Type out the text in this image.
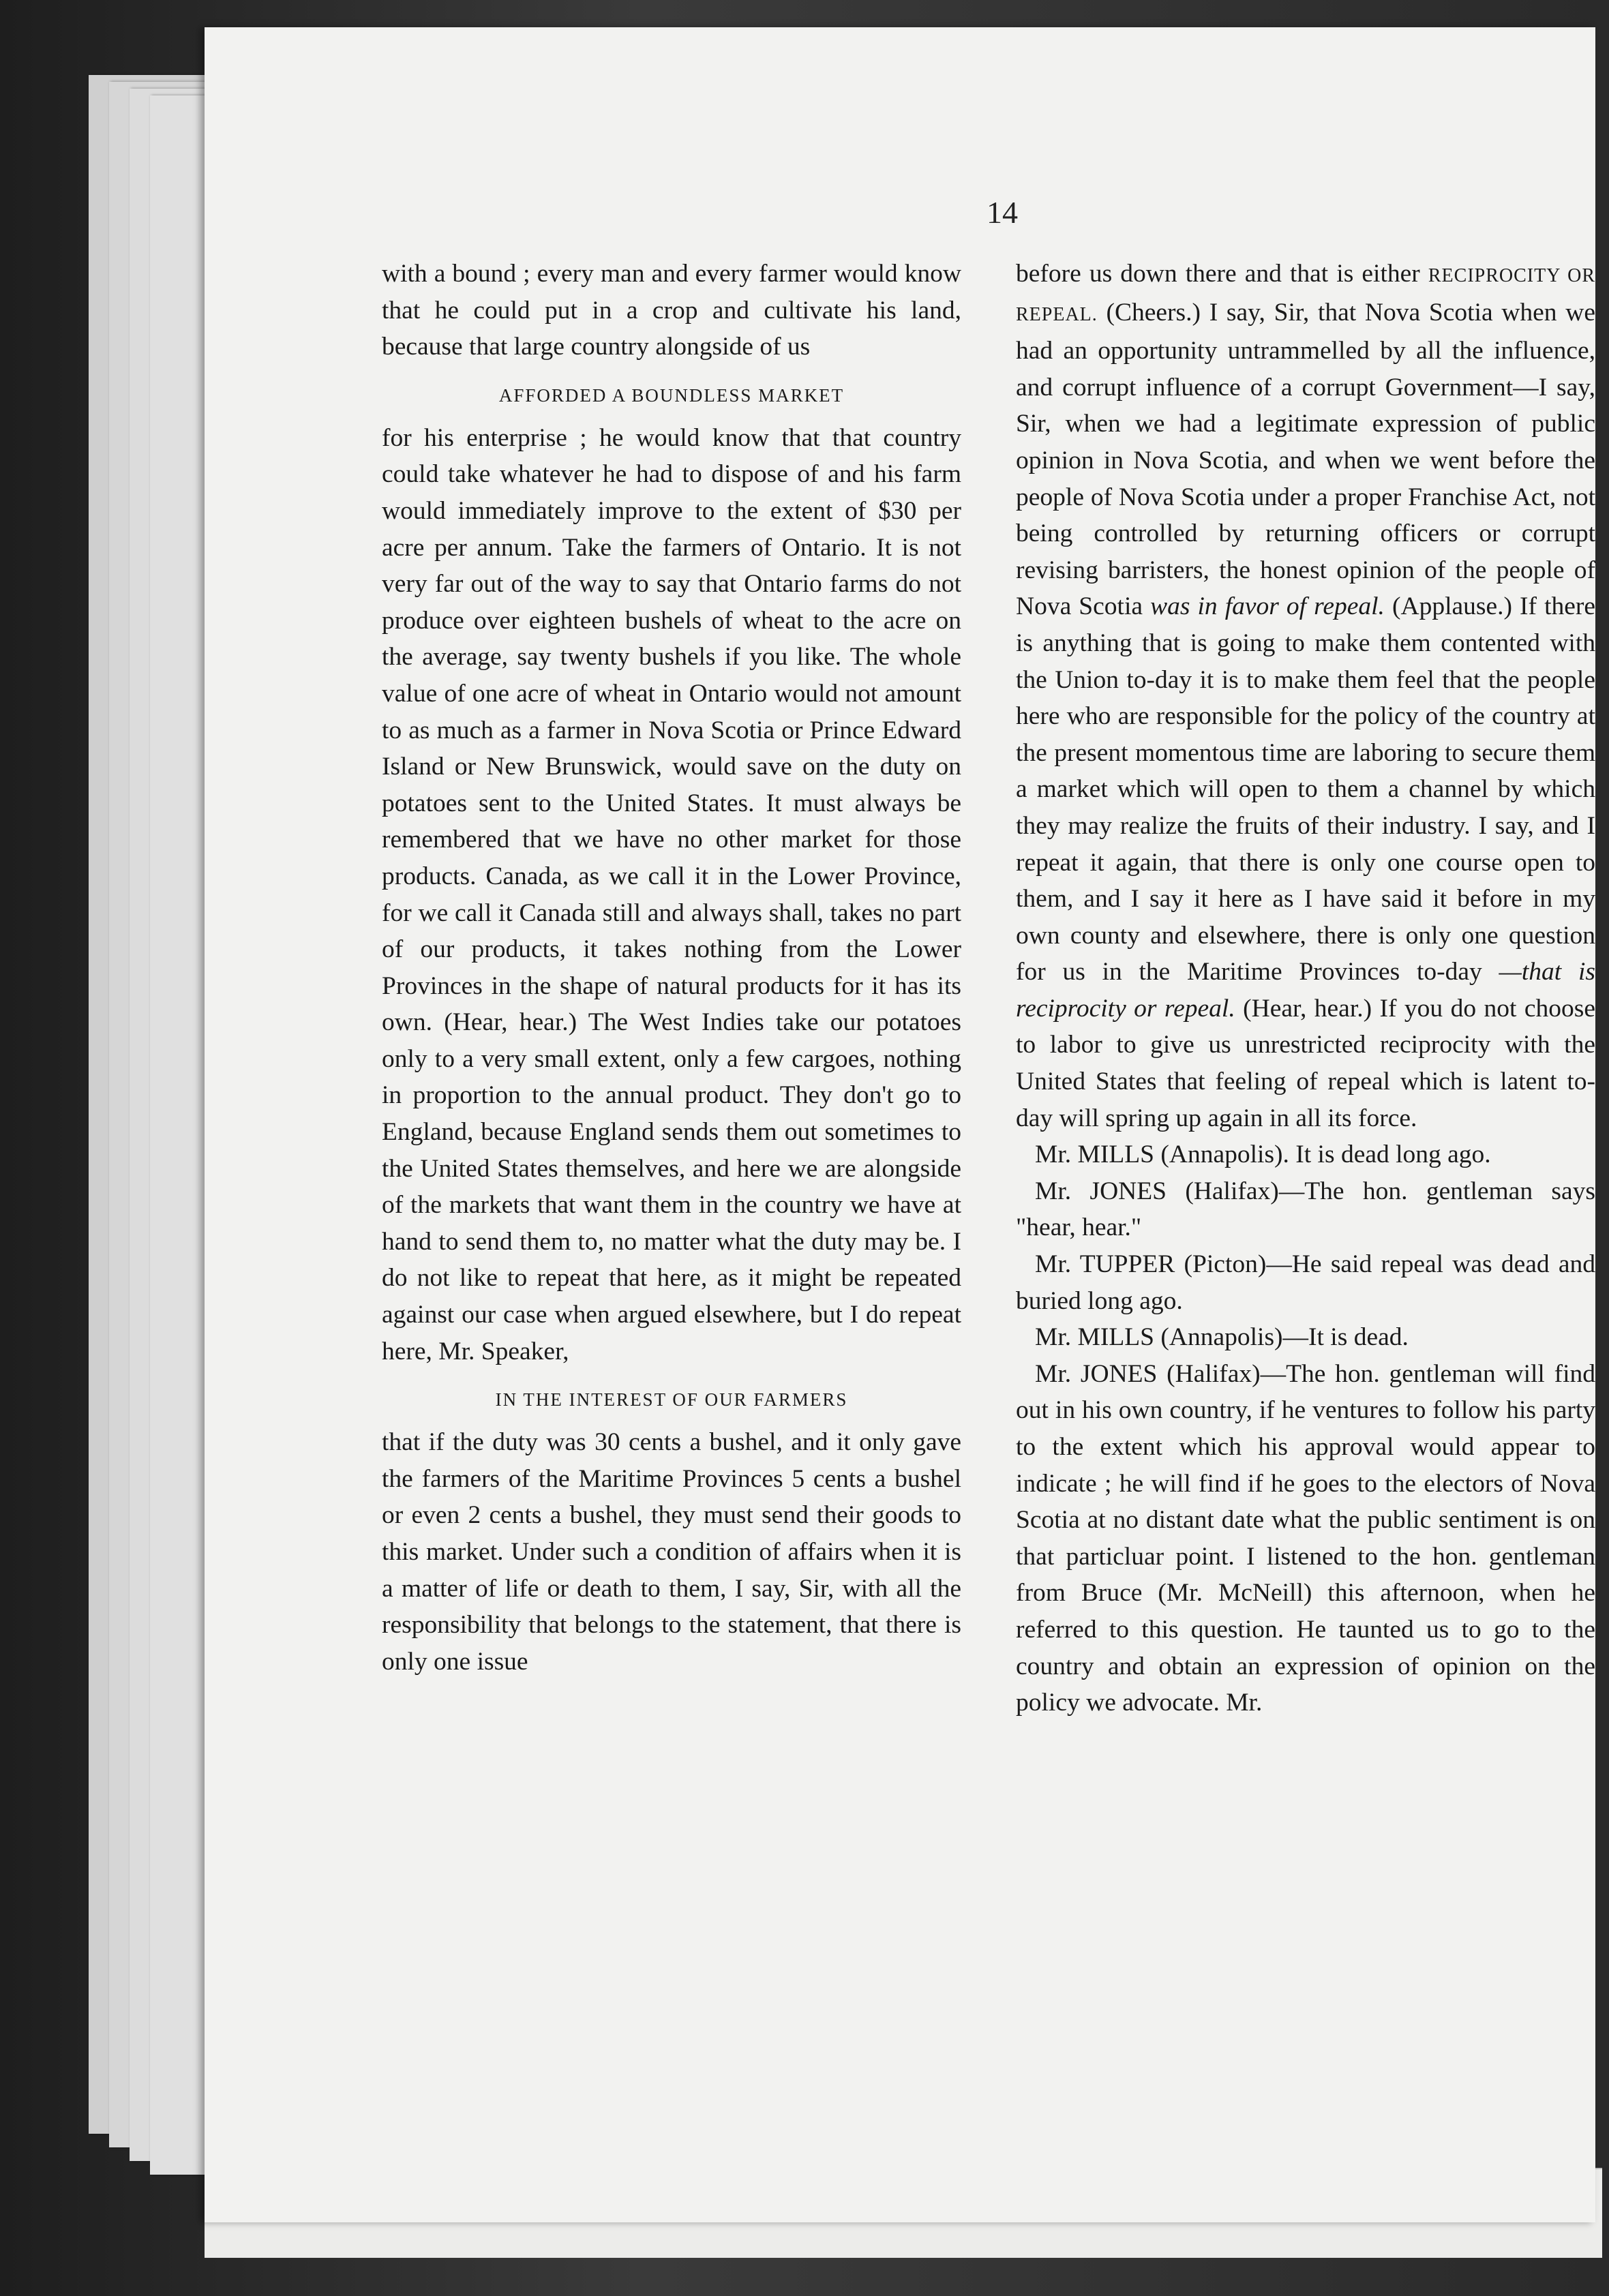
14

with a bound ; every man and every farmer would know that he could put in a crop and cultivate his land, because that large country alongside of us

AFFORDED A BOUNDLESS MARKET

for his enterprise ; he would know that that country could take whatever he had to dispose of and his farm would immediately improve to the extent of $30 per acre per annum. Take the farmers of Ontario. It is not very far out of the way to say that Ontario farms do not produce over eighteen bushels of wheat to the acre on the average, say twenty bushels if you like. The whole value of one acre of wheat in Ontario would not amount to as much as a farmer in Nova Scotia or Prince Edward Island or New Brunswick, would save on the duty on potatoes sent to the United States. It must always be remembered that we have no other market for those products. Canada, as we call it in the Lower Province, for we call it Canada still and always shall, takes no part of our products, it takes nothing from the Lower Provinces in the shape of natural products for it has its own. (Hear, hear.) The West Indies take our potatoes only to a very small extent, only a few cargoes, nothing in proportion to the annual product. They don't go to England, because England sends them out sometimes to the United States themselves, and here we are alongside of the markets that want them in the country we have at hand to send them to, no matter what the duty may be. I do not like to repeat that here, as it might be repeated against our case when argued elsewhere, but I do repeat here, Mr. Speaker,

IN THE INTEREST OF OUR FARMERS

that if the duty was 30 cents a bushel, and it only gave the farmers of the Maritime Provinces 5 cents a bushel or even 2 cents a bushel, they must send their goods to this market. Under such a condition of affairs when it is a matter of life or death to them, I say, Sir, with all the responsibility that belongs to the statement, that there is only one issue

before us down there and that is either RECIPROCITY OR REPEAL. (Cheers.) I say, Sir, that Nova Scotia when we had an opportunity untrammelled by all the influence, and corrupt influence of a corrupt Government—I say, Sir, when we had a legitimate expression of public opinion in Nova Scotia, and when we went before the people of Nova Scotia under a proper Franchise Act, not being controlled by returning officers or corrupt revising barristers, the honest opinion of the people of Nova Scotia was in favor of repeal. (Applause.) If there is anything that is going to make them contented with the Union to-day it is to make them feel that the people here who are responsible for the policy of the country at the present momentous time are laboring to secure them a market which will open to them a channel by which they may realize the fruits of their industry. I say, and I repeat it again, that there is only one course open to them, and I say it here as I have said it before in my own county and elsewhere, there is only one question for us in the Maritime Provinces to-day —that is reciprocity or repeal. (Hear, hear.) If you do not choose to labor to give us unrestricted reciprocity with the United States that feeling of repeal which is latent to-day will spring up again in all its force.

Mr. MILLS (Annapolis). It is dead long ago.

Mr. JONES (Halifax)—The hon. gentleman says "hear, hear."

Mr. TUPPER (Picton)—He said repeal was dead and buried long ago.

Mr. MILLS (Annapolis)—It is dead.

Mr. JONES (Halifax)—The hon. gentleman will find out in his own country, if he ventures to follow his party to the extent which his approval would appear to indicate ; he will find if he goes to the electors of Nova Scotia at no distant date what the public sentiment is on that particluar point. I listened to the hon. gentleman from Bruce (Mr. McNeill) this afternoon, when he referred to this question. He taunted us to go to the country and obtain an expression of opinion on the policy we advocate. Mr.
